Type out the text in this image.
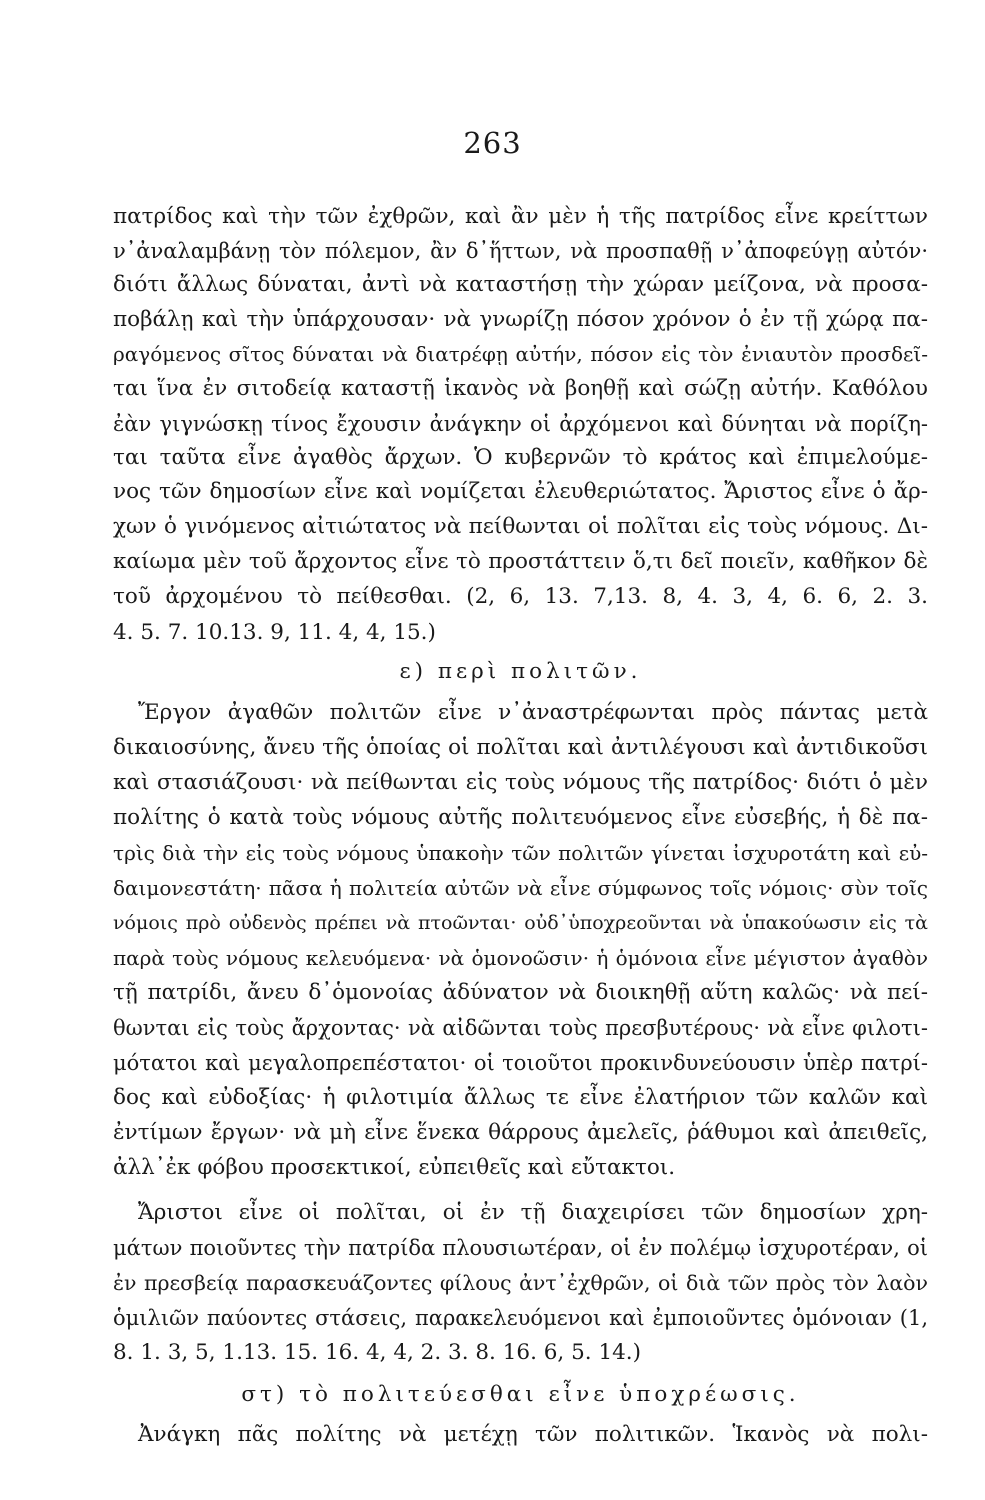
263
πατρίδος καὶ τὴν τῶν ἐχθρῶν, καὶ ἂν μὲν ἡ τῆς πατρίδος εἶνε κρείττων
ν᾽ἀναλαμβάνῃ τὸν πόλεμον, ἂν δ᾽ἥττων, νὰ προσπαθῇ ν᾽ἀποφεύγῃ αὐτόν·
διότι ἄλλως δύναται, ἀντὶ νὰ καταστήσῃ τὴν χώραν μείζονα, νὰ προσα-
ποβάλῃ καὶ τὴν ὑπάρχουσαν· νὰ γνωρίζῃ πόσον χρόνον ὁ ἐν τῇ χώρᾳ πα-
ραγόμενος σῖτος δύναται νὰ διατρέφῃ αὐτήν, πόσον εἰς τὸν ἐνιαυτὸν προσδεῖ-
ται ἵνα ἐν σιτοδείᾳ καταστῇ ἱκανὸς νὰ βοηθῇ καὶ σώζῃ αὐτήν. Καθόλου
ἐὰν γιγνώσκῃ τίνος ἔχουσιν ἀνάγκην οἱ ἀρχόμενοι καὶ δύνηται νὰ πορίζη-
ται ταῦτα εἶνε ἀγαθὸς ἄρχων. Ὁ κυβερνῶν τὸ κράτος καὶ ἐπιμελούμε-
νος τῶν δημοσίων εἶνε καὶ νομίζεται ἐλευθεριώτατος. Ἄριστος εἶνε ὁ ἄρ-
χων ὁ γινόμενος αἰτιώτατος νὰ πείθωνται οἱ πολῖται εἰς τοὺς νόμους. Δι-
καίωμα μὲν τοῦ ἄρχοντος εἶνε τὸ προστάττειν ὅ,τι δεῖ ποιεῖν, καθῆκον δὲ
τοῦ ἀρχομένου τὸ πείθεσθαι. (2, 6, 13. 7,13. 8, 4. 3, 4, 6. 6, 2. 3.
4. 5. 7. 10.13. 9, 11. 4, 4, 15.)
ε) περὶ πολιτῶν.
Ἔργον ἀγαθῶν πολιτῶν εἶνε ν᾽ἀναστρέφωνται πρὸς πάντας μετὰ
δικαιοσύνης, ἄνευ τῆς ὁποίας οἱ πολῖται καὶ ἀντιλέγουσι καὶ ἀντιδικοῦσι
καὶ στασιάζουσι· νὰ πείθωνται εἰς τοὺς νόμους τῆς πατρίδος· διότι ὁ μὲν
πολίτης ὁ κατὰ τοὺς νόμους αὐτῆς πολιτευόμενος εἶνε εὐσεβής, ἡ δὲ πα-
τρὶς διὰ τὴν εἰς τοὺς νόμους ὑπακοὴν τῶν πολιτῶν γίνεται ἰσχυροτάτη καὶ εὐ-
δαιμονεστάτη· πᾶσα ἡ πολιτεία αὐτῶν νὰ εἶνε σύμφωνος τοῖς νόμοις· σὺν τοῖς
νόμοις πρὸ οὐδενὸς πρέπει νὰ πτοῶνται· οὐδ᾽ὑποχρεοῦνται νὰ ὑπακούωσιν εἰς τὰ
παρὰ τοὺς νόμους κελευόμενα· νὰ ὁμονοῶσιν· ἡ ὁμόνοια εἶνε μέγιστον ἀγαθὸν
τῇ πατρίδι, ἄνευ δ᾽ὁμονοίας ἀδύνατον νὰ διοικηθῇ αὕτη καλῶς· νὰ πεί-
θωνται εἰς τοὺς ἄρχοντας· νὰ αἰδῶνται τοὺς πρεσβυτέρους· νὰ εἶνε φιλοτι-
μότατοι καὶ μεγαλοπρεπέστατοι· οἱ τοιοῦτοι προκινδυνεύουσιν ὑπὲρ πατρί-
δος καὶ εὐδοξίας· ἡ φιλοτιμία ἄλλως τε εἶνε ἐλατήριον τῶν καλῶν καὶ
ἐντίμων ἔργων· νὰ μὴ εἶνε ἕνεκα θάρρους ἀμελεῖς, ῥάθυμοι καὶ ἀπειθεῖς,
ἀλλ᾽ἐκ φόβου προσεκτικοί, εὐπειθεῖς καὶ εὔτακτοι.
Ἄριστοι εἶνε οἱ πολῖται, οἱ ἐν τῇ διαχειρίσει τῶν δημοσίων χρη-
μάτων ποιοῦντες τὴν πατρίδα πλουσιωτέραν, οἱ ἐν πολέμῳ ἰσχυροτέραν, οἱ
ἐν πρεσβείᾳ παρασκευάζοντες φίλους ἀντ᾽ἐχθρῶν, οἱ διὰ τῶν πρὸς τὸν λαὸν
ὁμιλιῶν παύοντες στάσεις, παρακελευόμενοι καὶ ἐμποιοῦντες ὁμόνοιαν (1,
8. 1. 3, 5, 1.13. 15. 16. 4, 4, 2. 3. 8. 16. 6, 5. 14.)
στ) τὸ πολιτεύεσθαι εἶνε ὑποχρέωσις.
Ἀνάγκη πᾶς πολίτης νὰ μετέχῃ τῶν πολιτικῶν. Ἱκανὸς νὰ πολι-
